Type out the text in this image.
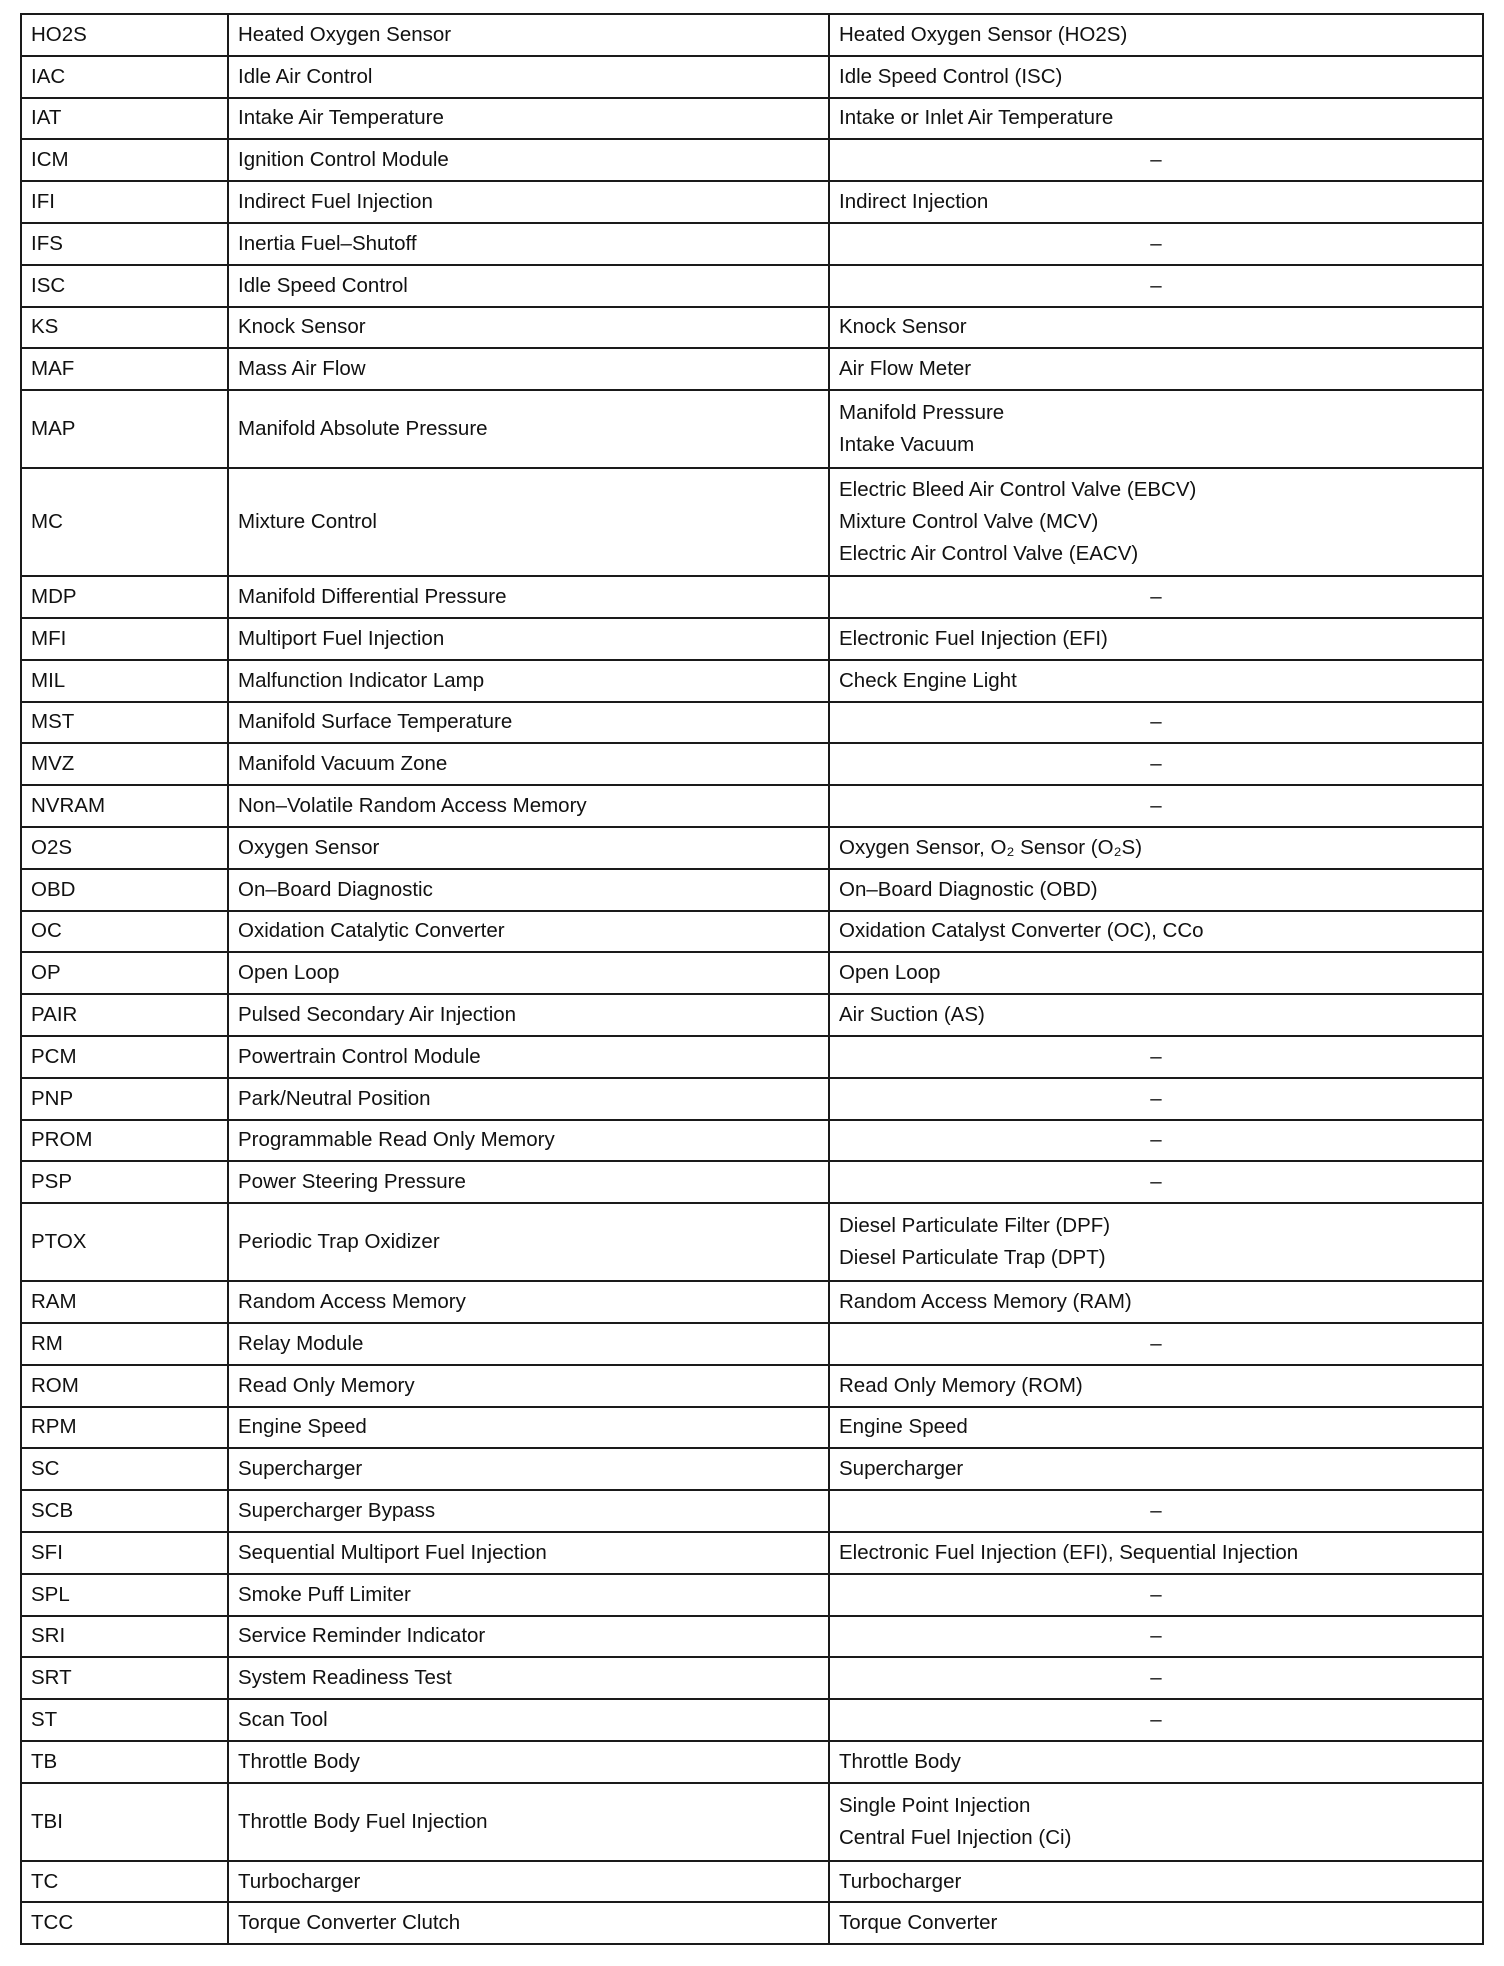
HO2S	Heated Oxygen Sensor	Heated Oxygen Sensor (HO2S)

IAC	Idle Air Control	Idle Speed Control (ISC)

IAT	Intake Air Temperature	Intake or Inlet Air Temperature

ICM	Ignition Control Module	–

IFI	Indirect Fuel Injection	Indirect Injection

IFS	Inertia Fuel–Shutoff	–

ISC	Idle Speed Control	–

KS	Knock Sensor	Knock Sensor

MAF	Mass Air Flow	Air Flow Meter

MAP	Manifold Absolute Pressure	Manifold Pressure
Intake Vacuum

MC	Mixture Control	Electric Bleed Air Control Valve (EBCV)
Mixture Control Valve (MCV)
Electric Air Control Valve (EACV)

MDP	Manifold Differential Pressure	–

MFI	Multiport Fuel Injection	Electronic Fuel Injection (EFI)

MIL	Malfunction Indicator Lamp	Check Engine Light

MST	Manifold Surface Temperature	–

MVZ	Manifold Vacuum Zone	–

NVRAM	Non–Volatile Random Access Memory	–

O2S	Oxygen Sensor	Oxygen Sensor, O₂ Sensor (O₂S)

OBD	On–Board Diagnostic	On–Board Diagnostic (OBD)

OC	Oxidation Catalytic Converter	Oxidation Catalyst Converter (OC), CCo

OP	Open Loop	Open Loop

PAIR	Pulsed Secondary Air Injection	Air Suction (AS)

PCM	Powertrain Control Module	–

PNP	Park/Neutral Position	–

PROM	Programmable Read Only Memory	–

PSP	Power Steering Pressure	–

PTOX	Periodic Trap Oxidizer	Diesel Particulate Filter (DPF)
Diesel Particulate Trap (DPT)

RAM	Random Access Memory	Random Access Memory (RAM)

RM	Relay Module	–

ROM	Read Only Memory	Read Only Memory (ROM)

RPM	Engine Speed	Engine Speed

SC	Supercharger	Supercharger

SCB	Supercharger Bypass	–

SFI	Sequential Multiport Fuel Injection	Electronic Fuel Injection (EFI), Sequential Injection

SPL	Smoke Puff Limiter	–

SRI	Service Reminder Indicator	–

SRT	System Readiness Test	–

ST	Scan Tool	–

TB	Throttle Body	Throttle Body

TBI	Throttle Body Fuel Injection	Single Point Injection
Central Fuel Injection (Ci)

TC	Turbocharger	Turbocharger

TCC	Torque Converter Clutch	Torque Converter
